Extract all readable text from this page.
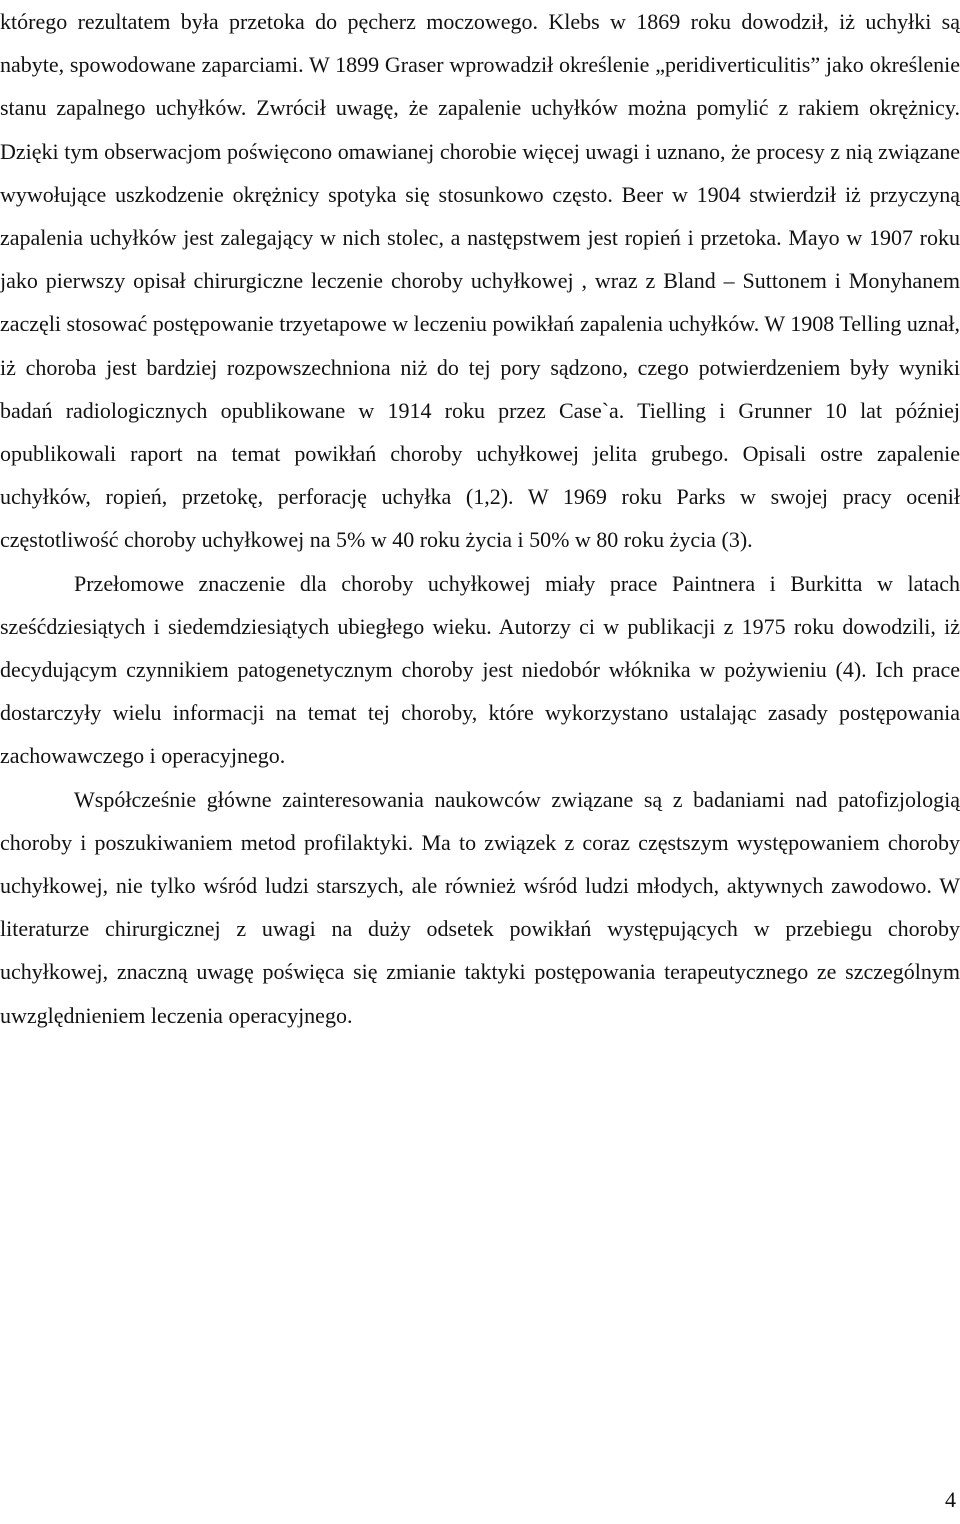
którego rezultatem była przetoka do pęcherz moczowego. Klebs w 1869 roku dowodził, iż uchyłki są nabyte, spowodowane zaparciami. W 1899 Graser wprowadził określenie „peridiverticulitis” jako określenie stanu zapalnego uchyłków. Zwrócił uwagę, że zapalenie uchyłków można pomylić z rakiem okrężnicy. Dzięki tym obserwacjom poświęcono omawianej chorobie więcej uwagi i uznano, że procesy z nią związane wywołujące uszkodzenie okrężnicy spotyka się stosunkowo często. Beer w 1904 stwierdził iż przyczyną zapalenia uchyłków jest zalegający w nich stolec, a następstwem jest ropień i przetoka. Mayo w 1907 roku jako pierwszy opisał chirurgiczne leczenie choroby uchyłkowej , wraz z Bland – Suttonem i Monyhanem zaczęli stosować postępowanie trzyetapowe w leczeniu powikłań zapalenia uchyłków. W 1908 Telling uznał, iż choroba jest bardziej rozpowszechniona niż do tej pory sądzono, czego potwierdzeniem były wyniki badań radiologicznych opublikowane w 1914 roku przez Case`a. Tielling i Grunner 10 lat później opublikowali raport na temat powikłań choroby uchyłkowej jelita grubego. Opisali ostre zapalenie uchyłków, ropień, przetokę, perforację uchyłka (1,2). W 1969 roku Parks w swojej pracy ocenił częstotliwość choroby uchyłkowej na 5% w 40 roku życia i 50% w 80 roku życia (3).

Przełomowe znaczenie dla choroby uchyłkowej miały prace Paintnera i Burkitta w latach sześćdziesiątych i siedemdziesiątych ubiegłego wieku. Autorzy ci w publikacji z 1975 roku dowodzili, iż decydującym czynnikiem patogenetycznym choroby jest niedobór włóknika w pożywieniu (4). Ich prace dostarczyły wielu informacji na temat tej choroby, które wykorzystano ustalając zasady postępowania zachowawczego i operacyjnego.

Współcześnie główne zainteresowania naukowców związane są z badaniami nad patofizjologią choroby i poszukiwaniem metod profilaktyki. Ma to związek z coraz częstszym występowaniem choroby uchyłkowej, nie tylko wśród ludzi starszych, ale również wśród ludzi młodych, aktywnych zawodowo. W literaturze chirurgicznej z uwagi na duży odsetek powikłań występujących w przebiegu choroby uchyłkowej, znaczną uwagę poświęca się zmianie taktyki postępowania terapeutycznego ze szczególnym uwzględnieniem leczenia operacyjnego.

4
